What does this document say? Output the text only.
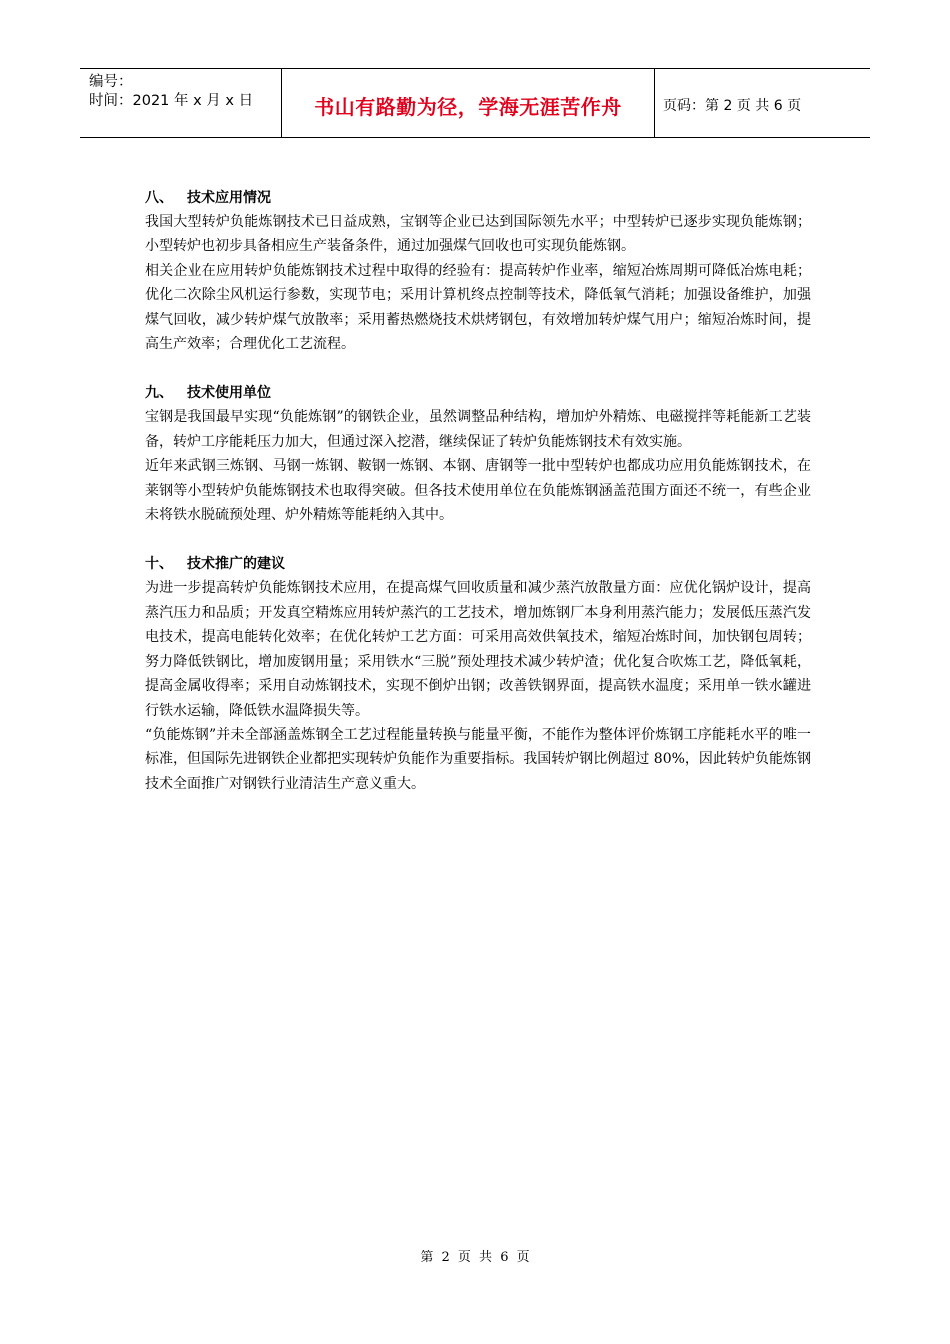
编号：
时间：2021 年 x 月 x 日	书山有路勤为径，学海无涯苦作舟	页码：第 2 页 共 6 页
八、 技术应用情况

我国大型转炉负能炼钢技术已日益成熟，宝钢等企业已达到国际领先水平；中型转炉已逐步实现负能炼钢；小型转炉也初步具备相应生产装备条件，通过加强煤气回收也可实现负能炼钢。

相关企业在应用转炉负能炼钢技术过程中取得的经验有：提高转炉作业率，缩短冶炼周期可降低冶炼电耗；优化二次除尘风机运行参数，实现节电；采用计算机终点控制等技术，降低氧气消耗；加强设备维护，加强煤气回收，减少转炉煤气放散率；采用蓄热燃烧技术烘烤钢包，有效增加转炉煤气用户；缩短冶炼时间，提高生产效率；合理优化工艺流程。

九、 技术使用单位

宝钢是我国最早实现“负能炼钢”的钢铁企业，虽然调整品种结构，增加炉外精炼、电磁搅拌等耗能新工艺装备，转炉工序能耗压力加大，但通过深入挖潜，继续保证了转炉负能炼钢技术有效实施。

近年来武钢三炼钢、马钢一炼钢、鞍钢一炼钢、本钢、唐钢等一批中型转炉也都成功应用负能炼钢技术，在莱钢等小型转炉负能炼钢技术也取得突破。但各技术使用单位在负能炼钢涵盖范围方面还不统一，有些企业未将铁水脱硫预处理、炉外精炼等能耗纳入其中。

十、 技术推广的建议

为进一步提高转炉负能炼钢技术应用，在提高煤气回收质量和减少蒸汽放散量方面：应优化锅炉设计，提高蒸汽压力和品质；开发真空精炼应用转炉蒸汽的工艺技术，增加炼钢厂本身利用蒸汽能力；发展低压蒸汽发电技术，提高电能转化效率；在优化转炉工艺方面：可采用高效供氧技术，缩短冶炼时间，加快钢包周转；努力降低铁钢比，增加废钢用量；采用铁水“三脱”预处理技术减少转炉渣；优化复合吹炼工艺，降低氧耗，提高金属收得率；采用自动炼钢技术，实现不倒炉出钢；改善铁钢界面，提高铁水温度；采用单一铁水罐进行铁水运输，降低铁水温降损失等。

“负能炼钢”并未全部涵盖炼钢全工艺过程能量转换与能量平衡，不能作为整体评价炼钢工序能耗水平的唯一标准，但国际先进钢铁企业都把实现转炉负能作为重要指标。我国转炉钢比例超过 80%，因此转炉负能炼钢技术全面推广对钢铁行业清洁生产意义重大。

第 2 页 共 6 页
